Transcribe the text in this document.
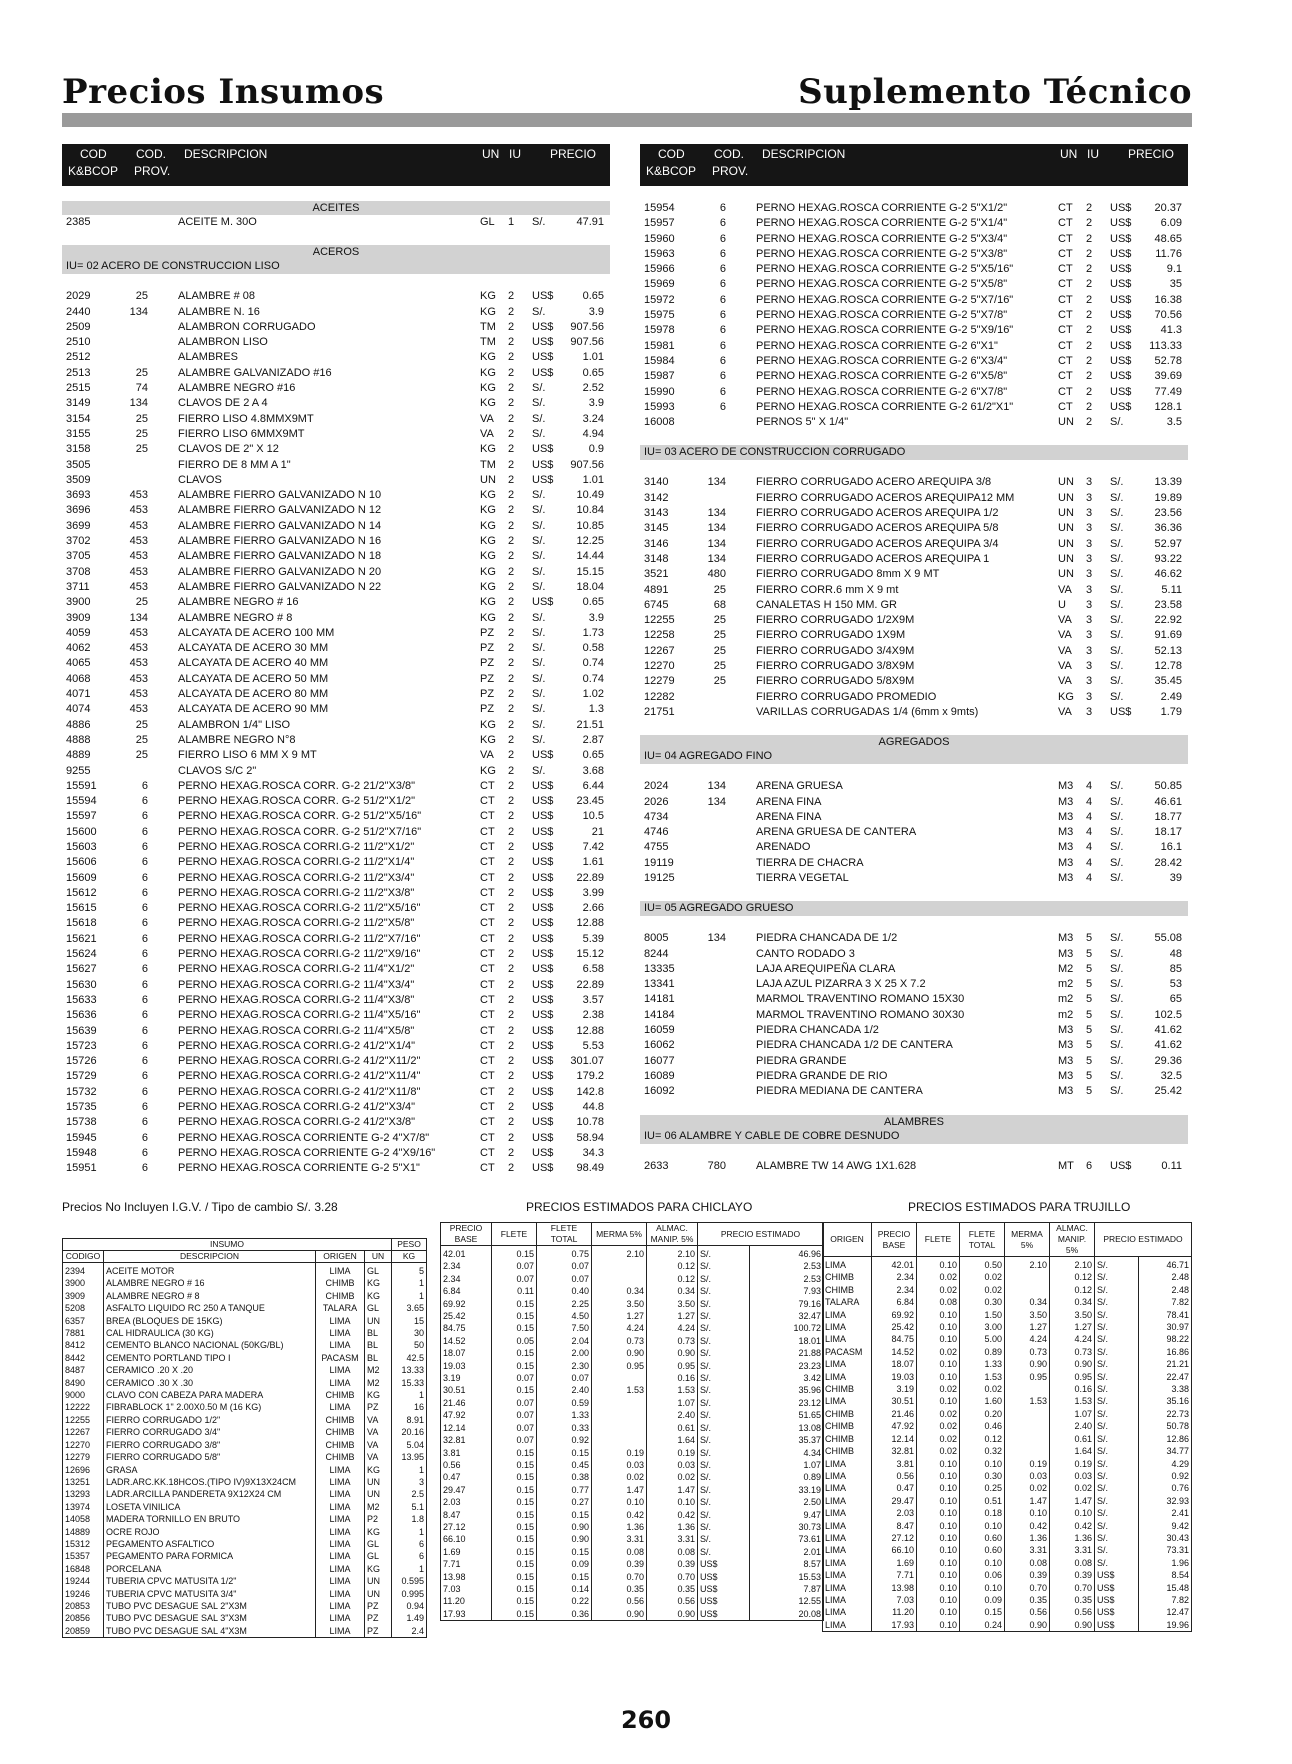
Precios Insumos	Suplemento Técnico
COD
K&BCOP
COD.
PROV.
DESCRIPCION	UN IU PRECIO
ACEITES
2385	ACEITE M. 30O	GL 1 S/.	47.91
ACEROS
IU= 02 ACERO DE CONSTRUCCION LISO
2029	25	ALAMBRE # 08	KG 2 US$	0.65
2440	134	ALAMBRE N. 16	KG 2 S/.	3.9
2509	ALAMBRON CORRUGADO	TM 2 US$ 907.56
2510	ALAMBRON LISO	TM 2 US$ 907.56
2512	ALAMBRES	KG 2 US$	1.01
2513	25	ALAMBRE GALVANIZADO #16	KG 2 US$	0.65
2515	74	ALAMBRE NEGRO #16	KG 2 S/.	2.52
3149	134	CLAVOS DE 2 A 4	KG 2 S/.	3.9
3154	25	FIERRO LISO 4.8MMX9MT	VA 2 S/.	3.24
3155	25	FIERRO LISO 6MMX9MT	VA 2 S/.	4.94
3158	25	CLAVOS DE 2" X 12	KG 2 US$	0.9
3505	FIERRO DE 8 MM A 1"	TM 2 US$ 907.56
3509	CLAVOS	UN 2 US$	1.01
3693	453	ALAMBRE FIERRO GALVANIZADO N 10	KG 2 S/.	10.49
3696	453	ALAMBRE FIERRO GALVANIZADO N 12	KG 2 S/.	10.84
3699	453	ALAMBRE FIERRO GALVANIZADO N 14	KG 2 S/.	10.85
3702	453	ALAMBRE FIERRO GALVANIZADO N 16	KG 2 S/.	12.25
3705	453	ALAMBRE FIERRO GALVANIZADO N 18	KG 2 S/.	14.44
3708	453	ALAMBRE FIERRO GALVANIZADO N 20	KG 2 S/.	15.15
3711	453	ALAMBRE FIERRO GALVANIZADO N 22	KG 2 S/.	18.04
3900	25	ALAMBRE NEGRO # 16	KG 2 US$	0.65
3909	134	ALAMBRE NEGRO # 8	KG 2 S/.	3.9
4059	453	ALCAYATA DE ACERO 100 MM	PZ 2 S/.	1.73
4062	453	ALCAYATA DE ACERO 30 MM	PZ 2 S/.	0.58
4065	453	ALCAYATA DE ACERO 40 MM	PZ 2 S/.	0.74
4068	453	ALCAYATA DE ACERO 50 MM	PZ 2 S/.	0.74
4071	453	ALCAYATA DE ACERO 80 MM	PZ 2 S/.	1.02
4074	453	ALCAYATA DE ACERO 90 MM	PZ 2 S/.	1.3
4886	25	ALAMBRON 1/4" LISO	KG 2 S/.	21.51
4888	25	ALAMBRE NEGRO N°8	KG 2 S/.	2.87
4889	25	FIERRO LISO 6 MM X 9 MT	VA 2 US$	0.65
9255	CLAVOS S/C 2"	KG 2 S/.	3.68
15591	6	PERNO HEXAG.ROSCA CORR. G-2 21/2"X3/8"	CT 2 US$	6.44
15594	6	PERNO HEXAG.ROSCA CORR. G-2 51/2"X1/2"	CT 2 US$ 23.45
15597	6	PERNO HEXAG.ROSCA CORR. G-2 51/2"X5/16"	CT 2 US$	10.5
15600	6	PERNO HEXAG.ROSCA CORR. G-2 51/2"X7/16"	CT 2 US$	21
15603	6	PERNO HEXAG.ROSCA CORRI.G-2 11/2"X1/2"	CT 2 US$	7.42
15606	6	PERNO HEXAG.ROSCA CORRI.G-2 11/2"X1/4"	CT 2 US$	1.61
15609	6	PERNO HEXAG.ROSCA CORRI.G-2 11/2"X3/4"	CT 2 US$ 22.89
15612	6	PERNO HEXAG.ROSCA CORRI.G-2 11/2"X3/8"	CT 2 US$	3.99
15615	6	PERNO HEXAG.ROSCA CORRI.G-2 11/2"X5/16"	CT 2 US$	2.66
15618	6	PERNO HEXAG.ROSCA CORRI.G-2 11/2"X5/8"	CT 2 US$ 12.88
15621	6	PERNO HEXAG.ROSCA CORRI.G-2 11/2"X7/16"	CT 2 US$	5.39
15624	6	PERNO HEXAG.ROSCA CORRI.G-2 11/2"X9/16"	CT 2 US$ 15.12
15627	6	PERNO HEXAG.ROSCA CORRI.G-2 11/4"X1/2"	CT 2 US$	6.58
15630	6	PERNO HEXAG.ROSCA CORRI.G-2 11/4"X3/4"	CT 2 US$ 22.89
15633	6	PERNO HEXAG.ROSCA CORRI.G-2 11/4"X3/8"	CT 2 US$	3.57
15636	6	PERNO HEXAG.ROSCA CORRI.G-2 11/4"X5/16"	CT 2 US$	2.38
15639	6	PERNO HEXAG.ROSCA CORRI.G-2 11/4"X5/8"	CT 2 US$ 12.88
15723	6	PERNO HEXAG.ROSCA CORRI.G-2 41/2"X1/4"	CT 2 US$	5.53
15726	6	PERNO HEXAG.ROSCA CORRI.G-2 41/2"X11/2"	CT 2 US$ 301.07
15729	6	PERNO HEXAG.ROSCA CORRI.G-2 41/2"X11/4"	CT 2 US$ 179.2
15732	6	PERNO HEXAG.ROSCA CORRI.G-2 41/2"X11/8"	CT 2 US$ 142.8
15735	6	PERNO HEXAG.ROSCA CORRI.G-2 41/2"X3/4"	CT 2 US$	44.8
15738	6	PERNO HEXAG.ROSCA CORRI.G-2 41/2"X3/8"	CT 2 US$ 10.78
15945	6	PERNO HEXAG.ROSCA CORRIENTE G-2 4"X7/8"	CT 2 US$ 58.94
15948	6	PERNO HEXAG.ROSCA CORRIENTE G-2 4"X9/16"	CT 2 US$	34.3
15951	6	PERNO HEXAG.ROSCA CORRIENTE G-2 5"X1"	CT 2 US$ 98.49
COD
K&BCOP
COD.
PROV.
DESCRIPCION	UN IU PRECIO
15954	6	PERNO HEXAG.ROSCA CORRIENTE G-2 5"X1/2"	CT 2 US$ 20.37
15957	6	PERNO HEXAG.ROSCA CORRIENTE G-2 5"X1/4"	CT 2 US$	6.09
15960	6	PERNO HEXAG.ROSCA CORRIENTE G-2 5"X3/4"	CT 2 US$ 48.65
15963	6	PERNO HEXAG.ROSCA CORRIENTE G-2 5"X3/8"	CT 2 US$ 11.76
15966	6	PERNO HEXAG.ROSCA CORRIENTE G-2 5"X5/16"	CT 2 US$	9.1
15969	6	PERNO HEXAG.ROSCA CORRIENTE G-2 5"X5/8"	CT 2 US$	35
15972	6	PERNO HEXAG.ROSCA CORRIENTE G-2 5"X7/16"	CT 2 US$ 16.38
15975	6	PERNO HEXAG.ROSCA CORRIENTE G-2 5"X7/8"	CT 2 US$ 70.56
15978	6	PERNO HEXAG.ROSCA CORRIENTE G-2 5"X9/16"	CT 2 US$	41.3
15981	6	PERNO HEXAG.ROSCA CORRIENTE G-2 6"X1"	CT 2 US$ 113.33
15984	6	PERNO HEXAG.ROSCA CORRIENTE G-2 6"X3/4"	CT 2 US$ 52.78
15987	6	PERNO HEXAG.ROSCA CORRIENTE G-2 6"X5/8"	CT 2 US$ 39.69
15990	6	PERNO HEXAG.ROSCA CORRIENTE G-2 6"X7/8"	CT 2 US$ 77.49
15993	6	PERNO HEXAG.ROSCA CORRIENTE G-2 61/2"X1"	CT 2 US$ 128.1
16008	PERNOS 5" X 1/4"	UN 2 S/.	3.5
IU= 03 ACERO DE CONSTRUCCION CORRUGADO
3140	134	FIERRO CORRUGADO ACERO AREQUIPA 3/8	UN 3 S/.	13.39
3142	FIERRO CORRUGADO ACEROS AREQUIPA12 MM	UN 3 S/.	19.89
3143	134	FIERRO CORRUGADO ACEROS AREQUIPA 1/2	UN 3 S/.	23.56
3145	134	FIERRO CORRUGADO ACEROS AREQUIPA 5/8	UN 3 S/.	36.36
3146	134	FIERRO CORRUGADO ACEROS AREQUIPA 3/4	UN 3 S/.	52.97
3148	134	FIERRO CORRUGADO ACEROS AREQUIPA 1	UN 3 S/.	93.22
3521	480	FIERRO CORRUGADO 8mm X 9 MT	UN 3 S/.	46.62
4891	25	FIERRO CORR.6 mm X 9 mt	VA 3 S/.	5.11
6745	68	CANALETAS H 150 MM. GR	U 3 S/.	23.58
12255	25	FIERRO CORRUGADO 1/2X9M	VA 3 S/.	22.92
12258	25	FIERRO CORRUGADO 1X9M	VA 3 S/.	91.69
12267	25	FIERRO CORRUGADO 3/4X9M	VA 3 S/.	52.13
12270	25	FIERRO CORRUGADO 3/8X9M	VA 3 S/.	12.78
12279	25	FIERRO CORRUGADO 5/8X9M	VA 3 S/.	35.45
12282	FIERRO CORRUGADO PROMEDIO	KG 3 S/.	2.49
21751	VARILLAS CORRUGADAS 1/4 (6mm x 9mts)	VA 3 US$	1.79
AGREGADOS
IU= 04 AGREGADO FINO
2024	134	ARENA GRUESA	M3 4 S/.	50.85
2026	134	ARENA FINA	M3 4 S/.	46.61
4734	ARENA FINA	M3 4 S/.	18.77
4746	ARENA GRUESA DE CANTERA	M3 4 S/.	18.17
4755	ARENADO	M3 4 S/.	16.1
19119	TIERRA DE CHACRA	M3 4 S/.	28.42
19125	TIERRA VEGETAL	M3 4 S/.	39
IU= 05 AGREGADO GRUESO
8005	134	PIEDRA CHANCADA DE 1/2	M3 5 S/.	55.08
8244	CANTO RODADO 3	M3 5 S/.	48
13335	LAJA AREQUIPEÑA CLARA	M2 5 S/.	85
13341	LAJA AZUL PIZARRA 3 X 25 X 7.2	m2 5 S/.	53
14181	MARMOL TRAVENTINO ROMANO 15X30	m2 5 S/.	65
14184	MARMOL TRAVENTINO ROMANO 30X30	m2 5 S/.	102.5
16059	PIEDRA CHANCADA 1/2	M3 5 S/.	41.62
16062	PIEDRA CHANCADA 1/2 DE CANTERA	M3 5 S/.	41.62
16077	PIEDRA GRANDE	M3 5 S/.	29.36
16089	PIEDRA GRANDE DE RIO	M3 5 S/.	32.5
16092	PIEDRA MEDIANA DE CANTERA	M3 5 S/.	25.42
ALAMBRES
IU= 06 ALAMBRE Y CABLE DE COBRE DESNUDO
2633	780	ALAMBRE TW 14 AWG 1X1.628	MT 6 US$	0.11
Precios No Incluyen I.G.V. / Tipo de cambio S/. 3.28	PRECIOS ESTIMADOS PARA CHICLAYO	PRECIOS ESTIMADOS PARA TRUJILLO
INSUMO				PESO
CODIGO	DESCRIPCION	ORIGEN	UN	KG
2394	ACEITE MOTOR	LIMA	GL	5
3900	ALAMBRE NEGRO # 16	CHIMB	KG	1
3909	ALAMBRE NEGRO # 8	CHIMB	KG	1
5208	ASFALTO LIQUIDO RC 250 A TANQUE	TALARA	GL	3.65
6357	BREA (BLOQUES DE 15KG)	LIMA	UN	15
7881	CAL HIDRAULICA (30 KG)	LIMA	BL	30
8412	CEMENTO BLANCO NACIONAL (50KG/BL)	LIMA	BL	50
8442	CEMENTO PORTLAND TIPO I	PACASM	BL	42.5
8487	CERAMICO .20 X .20	LIMA	M2	13.33
8490	CERAMICO .30 X .30	LIMA	M2	15.33
9000	CLAVO CON CABEZA PARA MADERA	CHIMB	KG	1
12222	FIBRABLOCK 1" 2.00X0.50 M (16 KG)	LIMA	PZ	16
12255	FIERRO CORRUGADO 1/2"	CHIMB	VA	8.91
12267	FIERRO CORRUGADO 3/4"	CHIMB	VA	20.16
12270	FIERRO CORRUGADO 3/8"	CHIMB	VA	5.04
12279	FIERRO CORRUGADO 5/8"	CHIMB	VA	13.95
12696	GRASA	LIMA	KG	1
13251	LADR.ARC.KK.18HCOS.(TIPO IV)9X13X24CM	LIMA	UN	3
13293	LADR.ARCILLA PANDERETA 9X12X24 CM	LIMA	UN	2.5
13974	LOSETA VINILICA	LIMA	M2	5.1
14058	MADERA TORNILLO EN BRUTO	LIMA	P2	1.8
14889	OCRE ROJO	LIMA	KG	1
15312	PEGAMENTO ASFALTICO	LIMA	GL	6
15357	PEGAMENTO PARA FORMICA	LIMA	GL	6
16848	PORCELANA	LIMA	KG	1
19244	TUBERIA CPVC MATUSITA 1/2"	LIMA	UN	0.595
19246	TUBERIA CPVC MATUSITA 3/4"	LIMA	UN	0.995
20853	TUBO PVC DESAGUE SAL 2"X3M	LIMA	PZ	0.94
20856	TUBO PVC DESAGUE SAL 3"X3M	LIMA	PZ	1.49
20859	TUBO PVC DESAGUE SAL 4"X3M	LIMA	PZ	2.4
PRECIO BASE	FLETE	FLETE TOTAL	MERMA 5%	ALMAC. MANIP. 5%	PRECIO ESTIMADO	
42.01	0.15	0.75	2.10	2.10	S/.	46.96
2.34	0.07	0.07		0.12	S/.	2.53
2.34	0.07	0.07		0.12	S/.	2.53
6.84	0.11	0.40	0.34	0.34	S/.	7.93
69.92	0.15	2.25	3.50	3.50	S/.	79.16
25.42	0.15	4.50	1.27	1.27	S/.	32.47
84.75	0.15	7.50	4.24	4.24	S/.	100.72
14.52	0.05	2.04	0.73	0.73	S/.	18.01
18.07	0.15	2.00	0.90	0.90	S/.	21.88
19.03	0.15	2.30	0.95	0.95	S/.	23.23
3.19	0.07	0.07		0.16	S/.	3.42
30.51	0.15	2.40	1.53	1.53	S/.	35.96
21.46	0.07	0.59		1.07	S/.	23.12
47.92	0.07	1.33		2.40	S/.	51.65
12.14	0.07	0.33		0.61	S/.	13.08
32.81	0.07	0.92		1.64	S/.	35.37
3.81	0.15	0.15	0.19	0.19	S/.	4.34
0.56	0.15	0.45	0.03	0.03	S/.	1.07
0.47	0.15	0.38	0.02	0.02	S/.	0.89
29.47	0.15	0.77	1.47	1.47	S/.	33.19
2.03	0.15	0.27	0.10	0.10	S/.	2.50
8.47	0.15	0.15	0.42	0.42	S/.	9.47
27.12	0.15	0.90	1.36	1.36	S/.	30.73
66.10	0.15	0.90	3.31	3.31	S/.	73.61
1.69	0.15	0.15	0.08	0.08	S/.	2.01
7.71	0.15	0.09	0.39	0.39	US$	8.57
13.98	0.15	0.15	0.70	0.70	US$	15.53
7.03	0.15	0.14	0.35	0.35	US$	7.87
11.20	0.15	0.22	0.56	0.56	US$	12.55
17.93	0.15	0.36	0.90	0.90	US$	20.08
ORIGEN	PRECIO BASE	FLETE	FLETE TOTAL	MERMA 5%	ALMAC. MANIP. 5%	PRECIO ESTIMADO	
LIMA	42.01	0.10	0.50	2.10	2.10	S/.	46.71
CHIMB	2.34	0.02	0.02		0.12	S/.	2.48
CHIMB	2.34	0.02	0.02		0.12	S/.	2.48
TALARA	6.84	0.08	0.30	0.34	0.34	S/.	7.82
LIMA	69.92	0.10	1.50	3.50	3.50	S/.	78.41
LIMA	25.42	0.10	3.00	1.27	1.27	S/.	30.97
LIMA	84.75	0.10	5.00	4.24	4.24	S/.	98.22
PACASM	14.52	0.02	0.89	0.73	0.73	S/.	16.86
LIMA	18.07	0.10	1.33	0.90	0.90	S/.	21.21
LIMA	19.03	0.10	1.53	0.95	0.95	S/.	22.47
CHIMB	3.19	0.02	0.02		0.16	S/.	3.38
LIMA	30.51	0.10	1.60	1.53	1.53	S/.	35.16
CHIMB	21.46	0.02	0.20		1.07	S/.	22.73
CHIMB	47.92	0.02	0.46		2.40	S/.	50.78
CHIMB	12.14	0.02	0.12		0.61	S/.	12.86
CHIMB	32.81	0.02	0.32		1.64	S/.	34.77
LIMA	3.81	0.10	0.10	0.19	0.19	S/.	4.29
LIMA	0.56	0.10	0.30	0.03	0.03	S/.	0.92
LIMA	0.47	0.10	0.25	0.02	0.02	S/.	0.76
LIMA	29.47	0.10	0.51	1.47	1.47	S/.	32.93
LIMA	2.03	0.10	0.18	0.10	0.10	S/.	2.41
LIMA	8.47	0.10	0.10	0.42	0.42	S/.	9.42
LIMA	27.12	0.10	0.60	1.36	1.36	S/.	30.43
LIMA	66.10	0.10	0.60	3.31	3.31	S/.	73.31
LIMA	1.69	0.10	0.10	0.08	0.08	S/.	1.96
LIMA	7.71	0.10	0.06	0.39	0.39	US$	8.54
LIMA	13.98	0.10	0.10	0.70	0.70	US$	15.48
LIMA	7.03	0.10	0.09	0.35	0.35	US$	7.82
LIMA	11.20	0.10	0.15	0.56	0.56	US$	12.47
LIMA	17.93	0.10	0.24	0.90	0.90	US$	19.96
260
